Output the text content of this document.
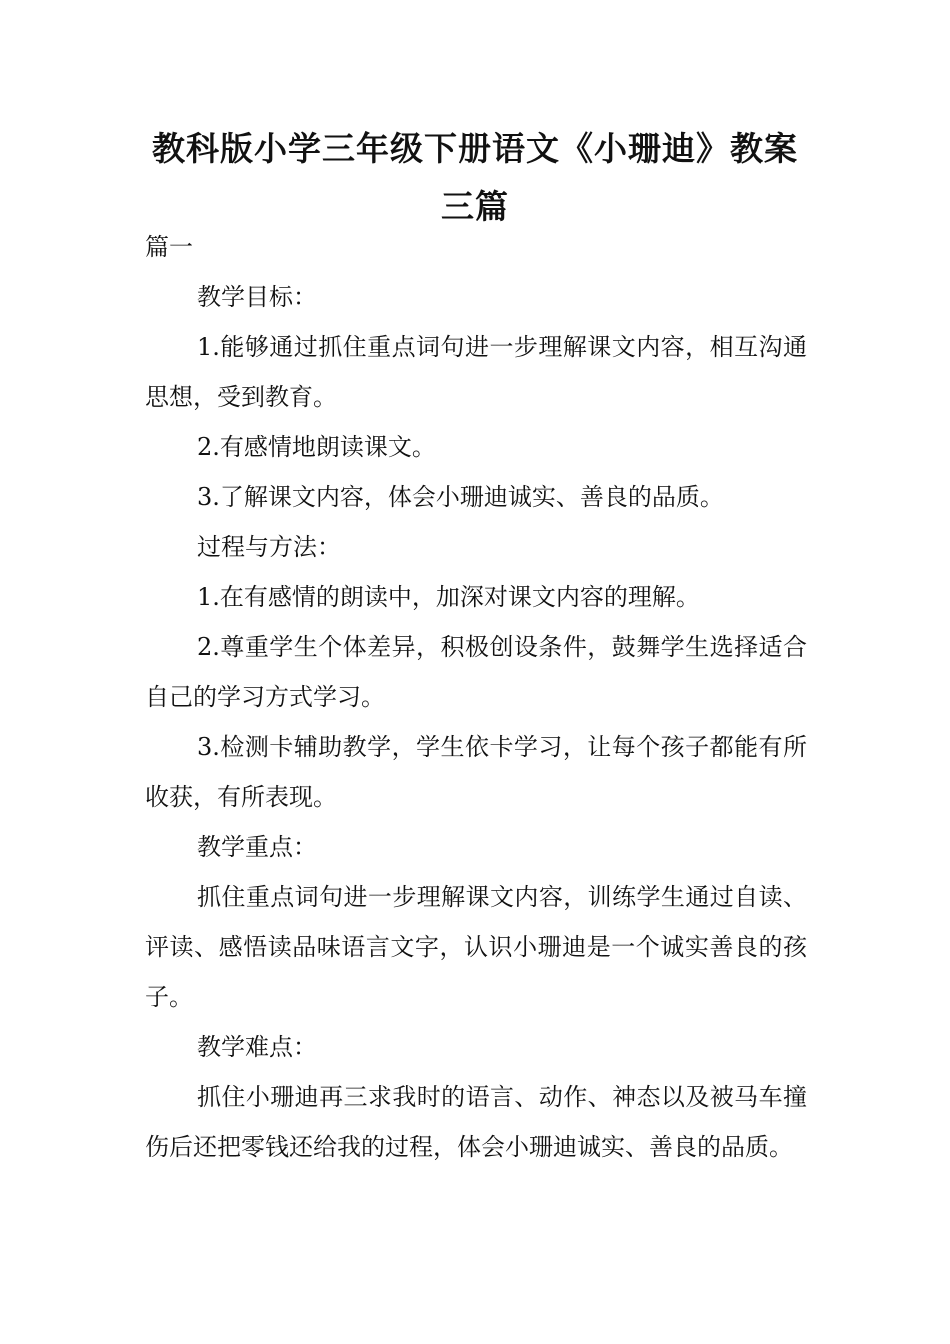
教科版小学三年级下册语文《小珊迪》教案三篇

篇一

教学目标：

1.能够通过抓住重点词句进一步理解课文内容，相互沟通思想，受到教育。

2.有感情地朗读课文。

3.了解课文内容，体会小珊迪诚实、善良的品质。

过程与方法：

1.在有感情的朗读中，加深对课文内容的理解。

2.尊重学生个体差异，积极创设条件，鼓舞学生选择适合自己的学习方式学习。

3.检测卡辅助教学，学生依卡学习，让每个孩子都能有所收获，有所表现。

教学重点：

抓住重点词句进一步理解课文内容，训练学生通过自读、评读、感悟读品味语言文字，认识小珊迪是一个诚实善良的孩子。

教学难点：

抓住小珊迪再三求我时的语言、动作、神态以及被马车撞伤后还把零钱还给我的过程，体会小珊迪诚实、善良的品质。
